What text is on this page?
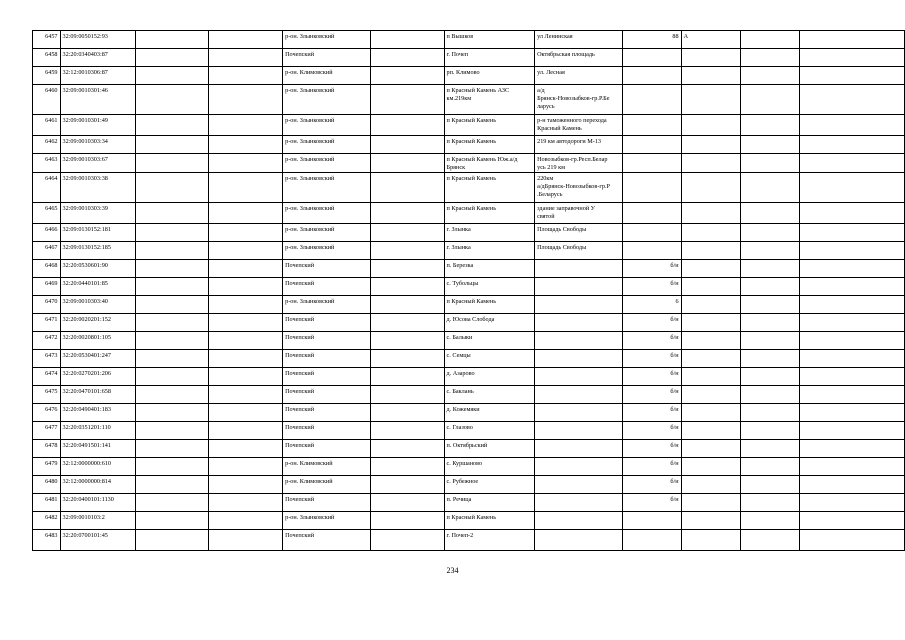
6457	32:09:0050152:93			р-он. Злынковский		п Вышков	ул Ленинская	88	А		
6458	32:20:0340403:87			Почепский		г. Почеп	Октябрьская площадь				
6459	32:12:0010306:87			р-он. Климовский		рп. Климово	ул. Лесная				
6460	32:09:0010301:46			р-он. Злынковский		п Красный Камень АЗС км.219км	а/д
Брянск-Новозыбков-гр.Р.Бе
ларусь				
6461	32:09:0010301:49			р-он. Злынковский		п Красный Камень	р-н таможенного перехода
Красный Камень				
6462	32:09:0010303:34			р-он. Злынковский		п Красный Камень	219 км автодороги М-13				
6463	32:09:0010303:67			р-он. Злынковский		п Красный Камень Юж.а/д
Брянск	Новозыбков-гр.Респ.Белар
усь 219 км				
6464	32:09:0010303:38			р-он. Злынковский		п Красный Камень	220км
а/дБрянск-Новозыбков-гр.Р
.Беларусь				
6465	32:09:0010303:39			р-он. Злынковский		п Красный Камень	здание заправочной У
святой				
6466	32:09:0130152:181			р-он. Злынковский		г. Злынка	Площадь Свободы				
6467	32:09:0130152:185			р-он. Злынковский		г. Злынка	Площадь Свободы				
6468	32:20:0530601:90			Почепский		п. Березка		б/н			
6469	32:20:0440101:85			Почепский		с. Тубольцы		б/н			
6470	32:09:0010303:40			р-он. Злынковский		п Красный Камень		6			
6471	32:20:0020201:152			Почепский		д. Юсова Слобода		б/н			
6472	32:20:0020801:105			Почепский		с. Балыки		б/н			
6473	32:20:0530401:247			Почепский		с. Семцы		б/н			
6474	32:20:0270201:206			Почепский		д. Азарово		б/н			
6475	32:20:0470101:658			Почепский		с. Баклань		б/н			
6476	32:20:0490401:183			Почепский		д. Кожемяки		б/н			
6477	32:20:0351201:110			Почепский		с. Глазово		б/н			
6478	32:20:0491501:141			Почепский		п. Октябрьский		б/н			
6479	32:12:0000000:610			р-он. Климовский		с. Куршаново		б/н			
6480	32:12:0000000:814			р-он. Климовский		с. Рубежное		б/н			
6481	32:20:0400101:1130			Почепский		п. Речица		б/н			
6482	32:09:0010103:2			р-он. Злынковский		п Красный Камень					
6483	32:20:0700101:45			Почепский		г. Почеп-2					
234
